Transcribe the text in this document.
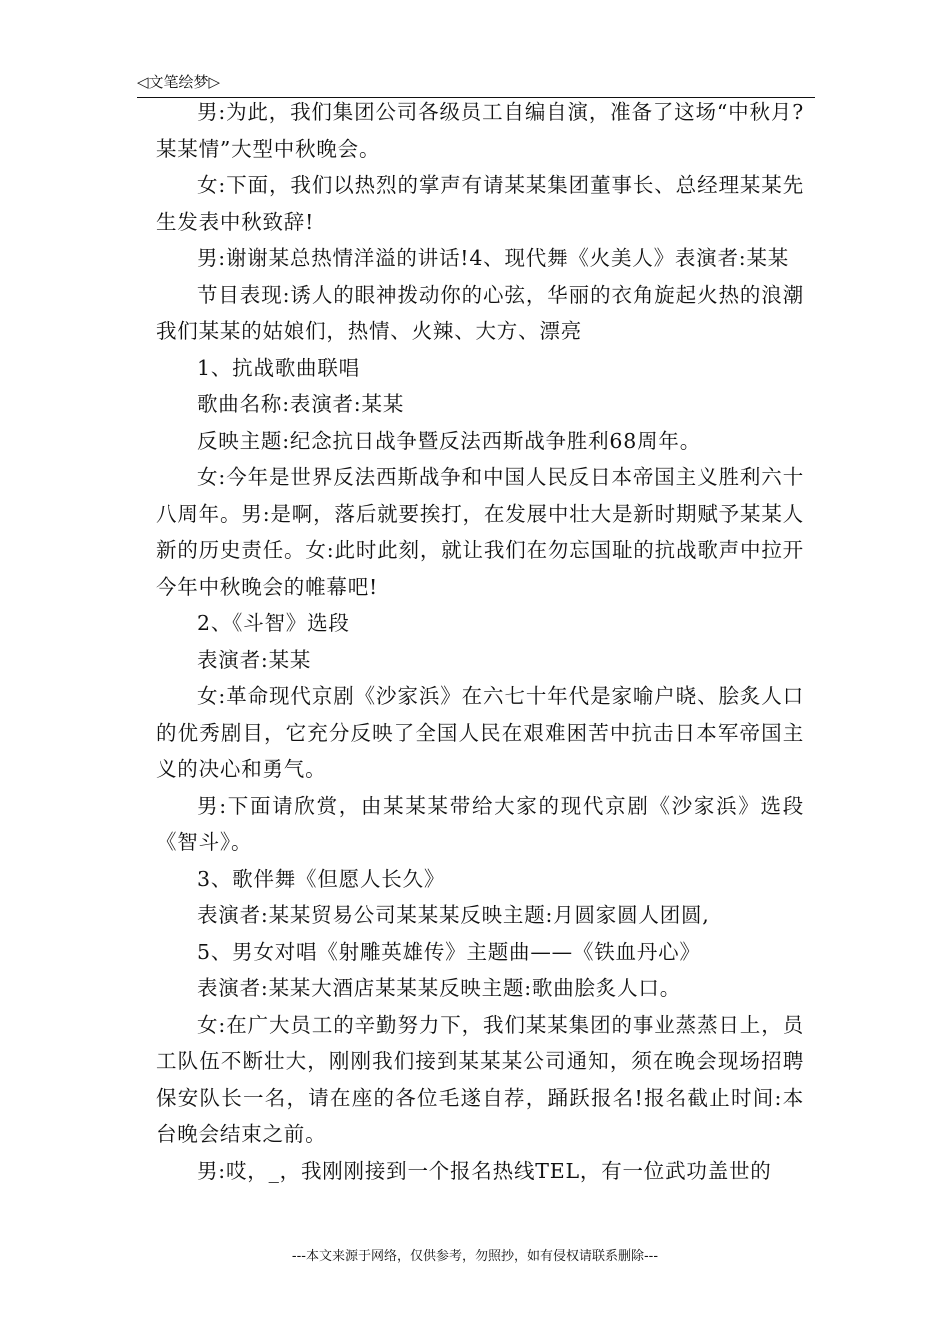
◁文笔绘梦▷

男:为此，我们集团公司各级员工自编自演，准备了这场“中秋月?某某情”大型中秋晚会。

女:下面，我们以热烈的掌声有请某某集团董事长、总经理某某先生发表中秋致辞!

男:谢谢某总热情洋溢的讲话!4、现代舞《火美人》表演者:某某

节目表现:诱人的眼神拨动你的心弦，华丽的衣角旋起火热的浪潮我们某某的姑娘们，热情、火辣、大方、漂亮

1、抗战歌曲联唱

歌曲名称:表演者:某某

反映主题:纪念抗日战争暨反法西斯战争胜利68周年。

女:今年是世界反法西斯战争和中国人民反日本帝国主义胜利六十八周年。男:是啊，落后就要挨打，在发展中壮大是新时期赋予某某人新的历史责任。女:此时此刻，就让我们在勿忘国耻的抗战歌声中拉开今年中秋晚会的帷幕吧!

2、《斗智》选段

表演者:某某

女:革命现代京剧《沙家浜》在六七十年代是家喻户晓、脍炙人口的优秀剧目，它充分反映了全国人民在艰难困苦中抗击日本军帝国主义的决心和勇气。

男:下面请欣赏，由某某某带给大家的现代京剧《沙家浜》选段《智斗》。

3、歌伴舞《但愿人长久》

表演者:某某贸易公司某某某反映主题:月圆家圆人团圆,

5、男女对唱《射雕英雄传》主题曲——《铁血丹心》

表演者:某某大酒店某某某反映主题:歌曲脍炙人口。

女:在广大员工的辛勤努力下，我们某某集团的事业蒸蒸日上，员工队伍不断壮大，刚刚我们接到某某某公司通知，须在晚会现场招聘保安队长一名，请在座的各位毛遂自荐，踊跃报名!报名截止时间:本台晚会结束之前。

男:哎，_，我刚刚接到一个报名热线TEL，有一位武功盖世的

---本文来源于网络，仅供参考，勿照抄，如有侵权请联系删除---
